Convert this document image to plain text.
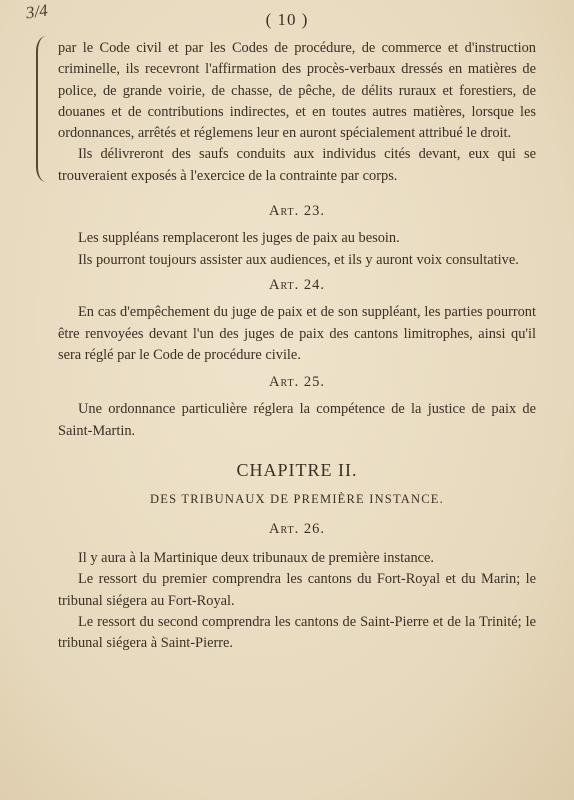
3/4	( 10 )

par le Code civil et par les Codes de procédure, de commerce et d'instruction criminelle, ils recevront l'affirmation des procès-verbaux dressés en matières de police, de grande voirie, de chasse, de pêche, de délits ruraux et forestiers, de douanes et de contributions indirectes, et en toutes autres matières, lorsque les ordonnances, arrêtés et réglemens leur en auront spécialement attribué le droit.

Ils délivreront des saufs conduits aux individus cités devant, eux qui se trouveraient exposés à l'exercice de la contrainte par corps.

Art. 23.

Les suppléans remplaceront les juges de paix au besoin.

Ils pourront toujours assister aux audiences, et ils y auront voix consultative.

Art. 24.

En cas d'empêchement du juge de paix et de son suppléant, les parties pourront être renvoyées devant l'un des juges de paix des cantons limitrophes, ainsi qu'il sera réglé par le Code de procédure civile.

Art. 25.

Une ordonnance particulière réglera la compétence de la justice de paix de Saint-Martin.

CHAPITRE II.
DES TRIBUNAUX DE PREMIÈRE INSTANCE.
Art. 26.

Il y aura à la Martinique deux tribunaux de première instance.

Le ressort du premier comprendra les cantons du Fort-Royal et du Marin; le tribunal siégera au Fort-Royal.

Le ressort du second comprendra les cantons de Saint-Pierre et de la Trinité; le tribunal siégera à Saint-Pierre.
